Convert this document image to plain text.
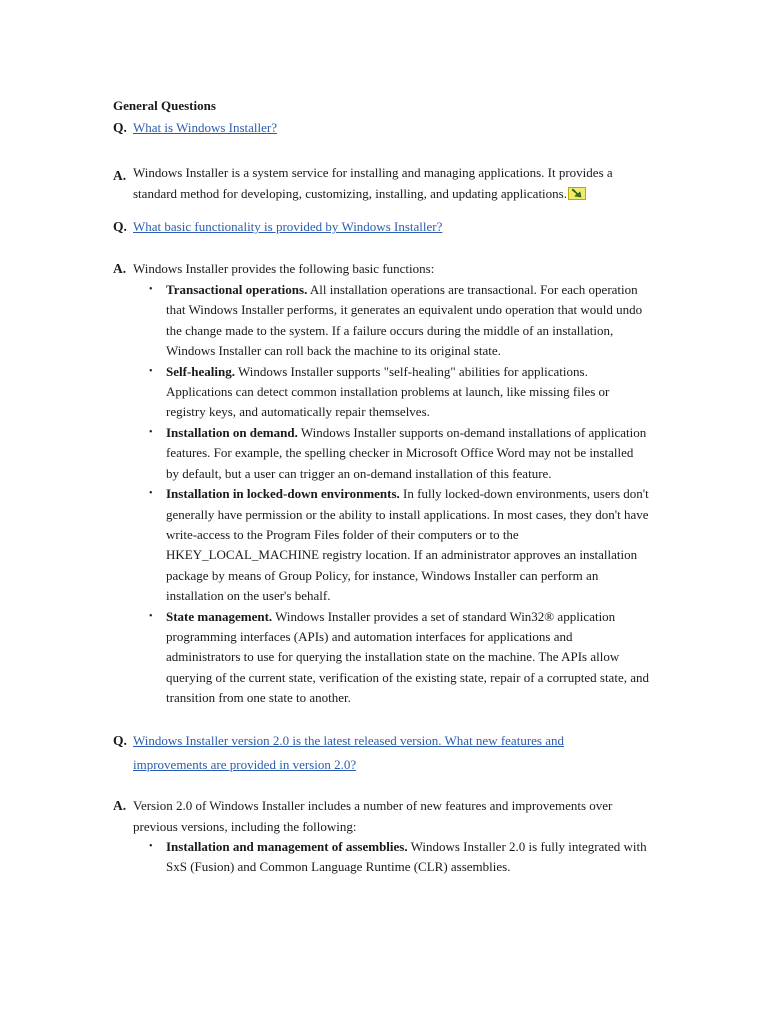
General Questions
Q. What is Windows Installer?
A. Windows Installer is a system service for installing and managing applications. It provides a standard method for developing, customizing, installing, and updating applications.
Q. What basic functionality is provided by Windows Installer?
A. Windows Installer provides the following basic functions:
• Transactional operations. All installation operations are transactional. For each operation that Windows Installer performs, it generates an equivalent undo operation that would undo the change made to the system. If a failure occurs during the middle of an installation, Windows Installer can roll back the machine to its original state.
• Self-healing. Windows Installer supports "self-healing" abilities for applications. Applications can detect common installation problems at launch, like missing files or registry keys, and automatically repair themselves.
• Installation on demand. Windows Installer supports on-demand installations of application features. For example, the spelling checker in Microsoft Office Word may not be installed by default, but a user can trigger an on-demand installation of this feature.
• Installation in locked-down environments. In fully locked-down environments, users don't generally have permission or the ability to install applications. In most cases, they don't have write-access to the Program Files folder of their computers or to the HKEY_LOCAL_MACHINE registry location. If an administrator approves an installation package by means of Group Policy, for instance, Windows Installer can perform an installation on the user's behalf.
• State management. Windows Installer provides a set of standard Win32® application programming interfaces (APIs) and automation interfaces for applications and administrators to use for querying the installation state on the machine. The APIs allow querying of the current state, verification of the existing state, repair of a corrupted state, and transition from one state to another.
Q. Windows Installer version 2.0 is the latest released version. What new features and improvements are provided in version 2.0?
A. Version 2.0 of Windows Installer includes a number of new features and improvements over previous versions, including the following:
• Installation and management of assemblies. Windows Installer 2.0 is fully integrated with SxS (Fusion) and Common Language Runtime (CLR) assemblies.
